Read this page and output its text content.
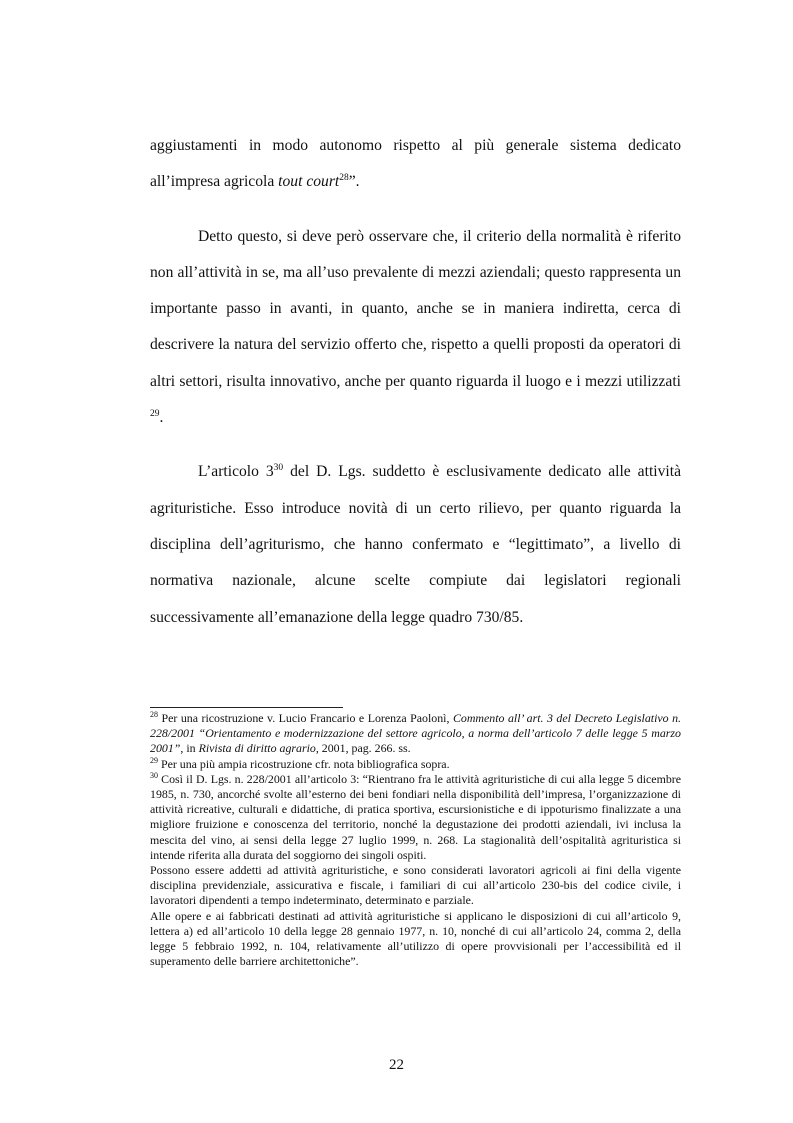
aggiustamenti in modo autonomo rispetto al più generale sistema dedicato all’impresa agricola tout court$^{28}$”.

Detto questo, si deve però osservare che, il criterio della normalità è riferito non all’attività in se, ma all’uso prevalente di mezzi aziendali; questo rappresenta un importante passo in avanti, in quanto, anche se in maniera indiretta, cerca di descrivere la natura del servizio offerto che, rispetto a quelli proposti da operatori di altri settori, risulta innovativo, anche per quanto riguarda il luogo e i mezzi utilizzati $^{29}$.

L’articolo $3^{30}$ del D. Lgs. suddetto è esclusivamente dedicato alle attività agrituristiche. Esso introduce novità di un certo rilievo, per quanto riguarda la disciplina dell’agriturismo, che hanno confermato e “legittimato”, a livello di normativa nazionale, alcune scelte compiute dai legislatori regionali successivamente all’emanazione della legge quadro 730/85.

$^{28}$ Per una ricostruzione v. Lucio Francario e Lorenza Paolonì, Commento all’ art. 3 del Decreto Legislativo n. 228/2001 “Orientamento e modernizzazione del settore agricolo, a norma dell’articolo 7 delle legge 5 marzo 2001”, in Rivista di diritto agrario, 2001, pag. 266. ss.

$^{29}$ Per una più ampia ricostruzione cfr. nota bibliografica sopra.

$^{30}$ Così il D. Lgs. n. 228/2001 all’articolo 3: “Rientrano fra le attività agrituristiche di cui alla legge 5 dicembre 1985, n. 730, ancorché svolte all’esterno dei beni fondiari nella disponibilità dell’impresa, l’organizzazione di attività ricreative, culturali e didattiche, di pratica sportiva, escursionistiche e di ippoturismo finalizzate a una migliore fruizione e conoscenza del territorio, nonché la degustazione dei prodotti aziendali, ivi inclusa la mescita del vino, ai sensi della legge 27 luglio 1999, n. 268. La stagionalità dell’ospitalità agrituristica si intende riferita alla durata del soggiorno dei singoli ospiti.

Possono essere addetti ad attività agrituristiche, e sono considerati lavoratori agricoli ai fini della vigente disciplina previdenziale, assicurativa e fiscale, i familiari di cui all’articolo 230-bis del codice civile, i lavoratori dipendenti a tempo indeterminato, determinato e parziale.

Alle opere e ai fabbricati destinati ad attività agrituristiche si applicano le disposizioni di cui all’articolo 9, lettera a) ed all’articolo 10 della legge 28 gennaio 1977, n. 10, nonché di cui all’articolo 24, comma 2, della legge 5 febbraio 1992, n. 104, relativamente all’utilizzo di opere provvisionali per l’accessibilità ed il superamento delle barriere architettoniche”.

22
